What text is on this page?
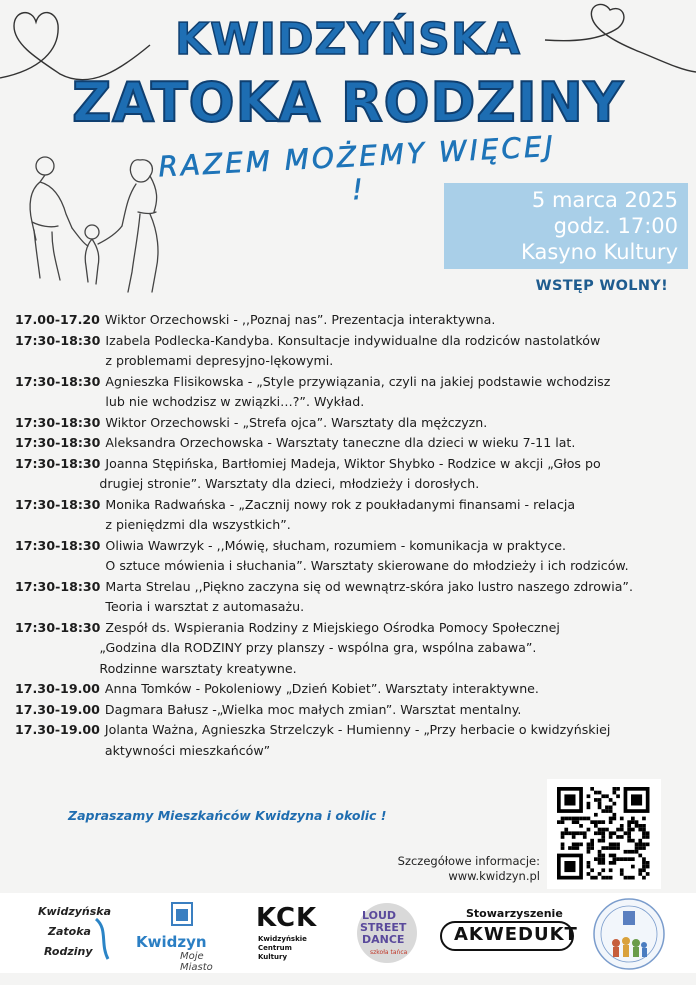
KWIDZYŃSKA
ZATOKA RODZINY
RAZEM MOŻEMY WIĘCEJ !	5 marca 2025
godz. 17:00
Kasyno Kultury
WSTĘP WOLNY!
17.00-17.20 Wiktor Orzechowski - ,,Poznaj nas”. Prezentacja interaktywna.
17:30-18:30 Izabela Podlecka-Kandyba. Konsultacje indywidualne dla rodziców nastolatków
z problemami depresyjno-lękowymi.
17:30-18:30 Agnieszka Flisikowska - „Style przywiązania, czyli na jakiej podstawie wchodzisz
lub nie wchodzisz w związki…?”. Wykład.
17:30-18:30 Wiktor Orzechowski - „Strefa ojca”. Warsztaty dla mężczyzn.
17:30-18:30 Aleksandra Orzechowska - Warsztaty taneczne dla dzieci w wieku 7-11 lat.
17:30-18:30 Joanna Stępińska, Bartłomiej Madeja, Wiktor Shybko - Rodzice w akcji „Głos po
drugiej stronie”. Warsztaty dla dzieci, młodzieży i dorosłych.
17:30-18:30 Monika Radwańska - „Zacznij nowy rok z poukładanymi finansami - relacja
z pieniędzmi dla wszystkich”.
17:30-18:30 Oliwia Wawrzyk - ,,Mówię, słucham, rozumiem - komunikacja w praktyce.
O sztuce mówienia i słuchania”. Warsztaty skierowane do młodzieży i ich rodziców.
17:30-18:30 Marta Strelau ,,Piękno zaczyna się od wewnątrz-skóra jako lustro naszego zdrowia”.
Teoria i warsztat z automasażu.
17:30-18:30 Zespół ds. Wspierania Rodziny z Miejskiego Ośrodka Pomocy Społecznej
„Godzina dla RODZINY przy planszy - wspólna gra, wspólna zabawa”.
Rodzinne warsztaty kreatywne.
17.30-19.00 Anna Tomków - Pokoleniowy „Dzień Kobiet”. Warsztaty interaktywne.
17.30-19.00 Dagmara Bałusz -„Wielka moc małych zmian”. Warsztat mentalny.
17.30-19.00 Jolanta Ważna, Agnieszka Strzelczyk - Humienny - „Przy herbacie o kwidzyńskiej
aktywności mieszkańców”
Zapraszamy Mieszkańców Kwidzyna i okolic !
Szczegółowe informacje:
www.kwidzyn.pl
Kwidzyńska
Zatoka
Rodziny
Kwidzyn
Moje Miasto
KCK
Kwidzyńskie
Centrum
Kultury
LOUD
STREET
DANCE
szkoła tańca
Stowarzyszenie
AKWEDUKT
